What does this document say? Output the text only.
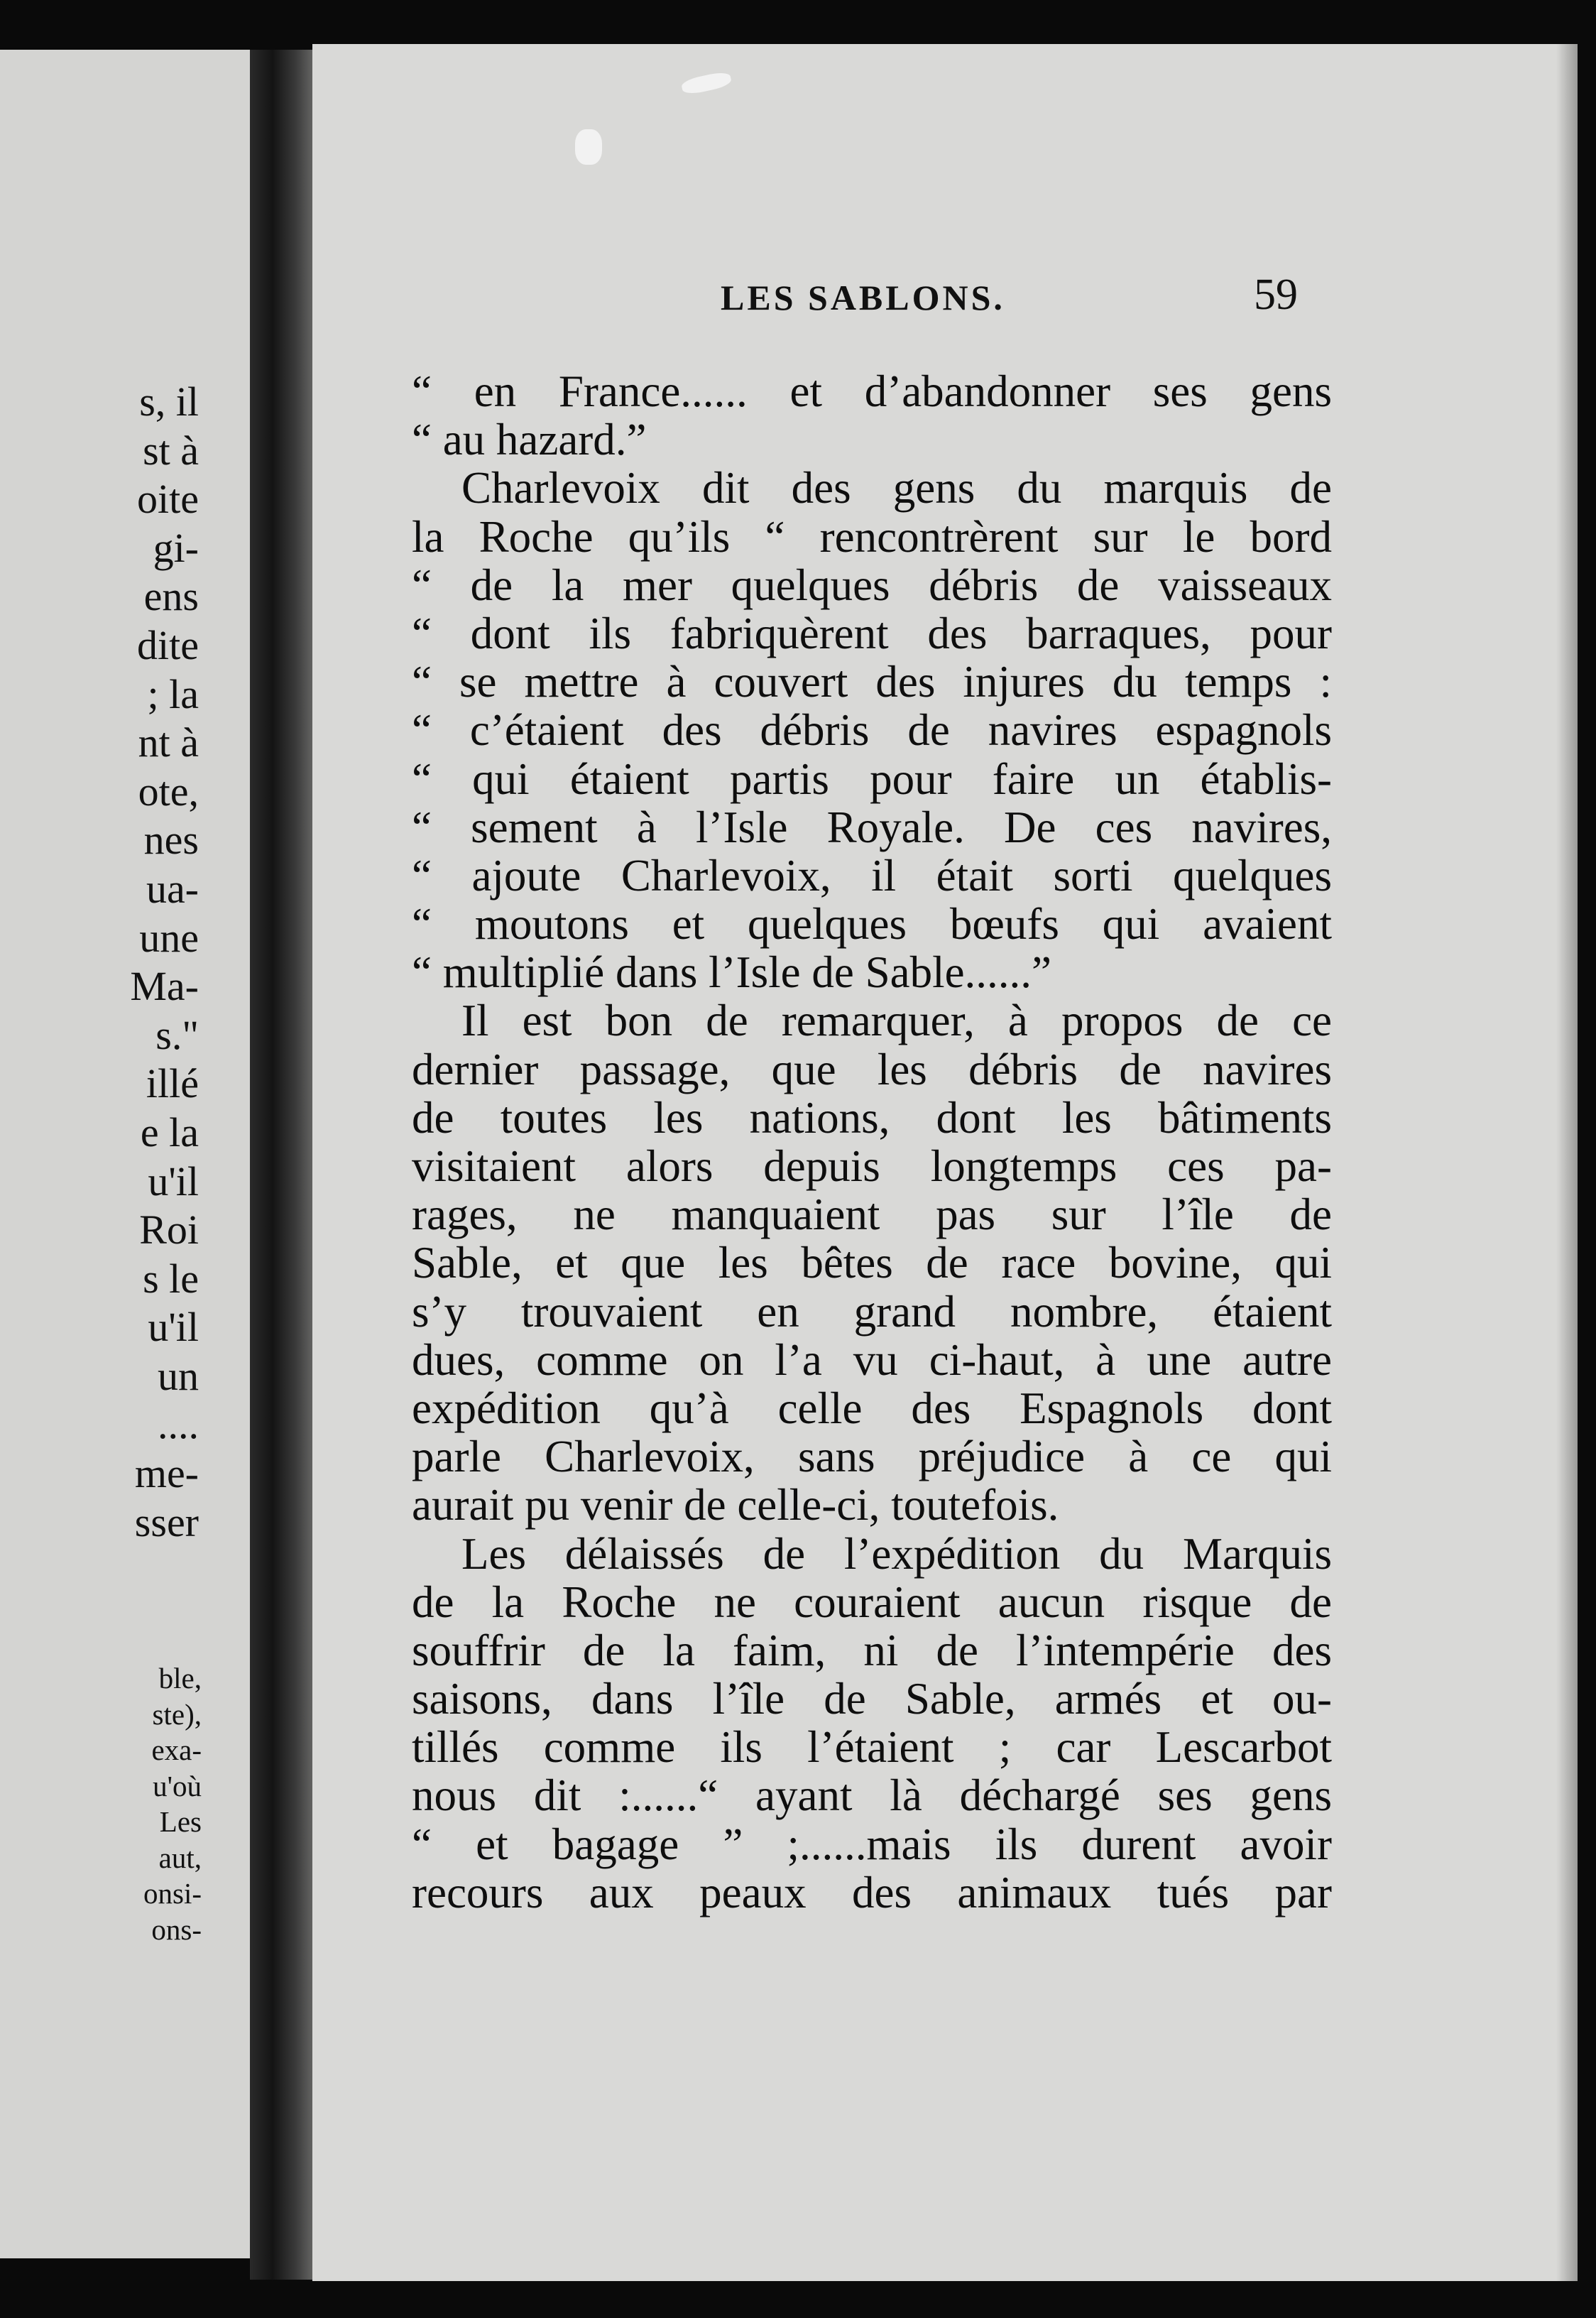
s, il
st à
oite
gi-
ens
dite
; la
nt à
ote,
nes
ua-
une
Ma-
s."
illé
e la
u'il
Roi
s le
u'il
un
....
me-
sser
ble,
ste),
exa-
u'où
Les
aut,
onsi-
ons-
LES SABLONS.	59
“ en France...... et d’abandonner ses gens
“ au hazard.”
Charlevoix dit des gens du marquis de
la Roche qu’ils “ rencontrèrent sur le bord
“ de la mer quelques débris de vaisseaux
“ dont ils fabriquèrent des barraques, pour
“ se mettre à couvert des injures du temps :
“ c’étaient des débris de navires espagnols
“ qui étaient partis pour faire un établis-
“ sement à l’Isle Royale. De ces navires,
“ ajoute Charlevoix, il était sorti quelques
“ moutons et quelques bœufs qui avaient
“ multiplié dans l’Isle de Sable......”
Il est bon de remarquer, à propos de ce
dernier passage, que les débris de navires
de toutes les nations, dont les bâtiments
visitaient alors depuis longtemps ces pa-
rages, ne manquaient pas sur l’île de
Sable, et que les bêtes de race bovine, qui
s’y trouvaient en grand nombre, étaient
dues, comme on l’a vu ci-haut, à une autre
expédition qu’à celle des Espagnols dont
parle Charlevoix, sans préjudice à ce qui
aurait pu venir de celle-ci, toutefois.
Les délaissés de l’expédition du Marquis
de la Roche ne couraient aucun risque de
souffrir de la faim, ni de l’intempérie des
saisons, dans l’île de Sable, armés et ou-
tillés comme ils l’étaient ; car Lescarbot
nous dit :......“ ayant là déchargé ses gens
“ et bagage ” ;......mais ils durent avoir
recours aux peaux des animaux tués par
